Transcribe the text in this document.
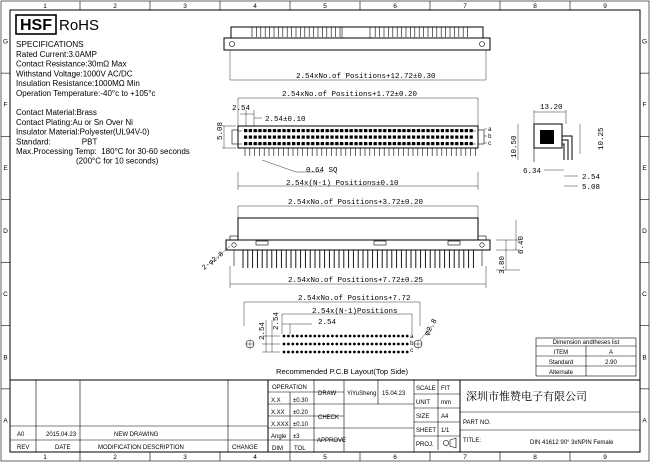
1
1
2
2
3
3
4
4
5
5
6
6
7
7
8
8
9
9
G	G
F	F
E	E
D	D
C	C
B	B
A	A
HSF RoHS
SPECIFICATIONS
Rated Current:3.0AMP
Contact Resistance:30mΩ Max
Withstand Voltage:1000V AC/DC
Insulation Resistance:1000MΩ Min
Operation Temperature:-40°c to +105°c
Contact Material:Brass
Contact Plating:Au or Sn Over Ni
Insulator Material:Polyester(UL94V-0)
Standard:              PBT
Max.Processing Temp:  180°C for 30-60 seconds
(200°C for 10 seconds)
2.54xNo.of Positions+12.72±0.30
2.54xNo.of Positions+1.72±0.20
2.54
2.54±0.10
5.08	a
b
c
0.64 SQ
2.54x(N-1) Positions±0.10
13.20
10.50	10.25
6.34
2.54
5.08
2.54xNo.of Positions+3.72±0.20
2-φ2.8	3.80
6.40
2.54xNo.of Positions+7.72±0.25
2.54xNo.of Positions+7.72
2.54x(N-1)Positions
2.54
2.54
2.54	φ2.8
a
b
c
Recommended P.C.B Layout(Top Side)
Dimension andtheses list
ITEM	A
Standard	2.90
Alternate
OPERATION
DRAW YiYuSheng 15.04.23
CHECK
APPROVE
X.X ±0.30
X.XX ±0.20
X.XXX ±0.10
Angle ±3
DIM TOL
SCALE FIT
UNIT mm
SIZE A4
SHEET 1/1
PROJ.
深圳市惟赞电子有限公司
PART NO.
TITLE:	DIN 41612 90° 3xNPIN Female
A0	2015.04.23	NEW DRAWING
REV	DATE	MODIFICATION DESCRIPTION	CHANGE
